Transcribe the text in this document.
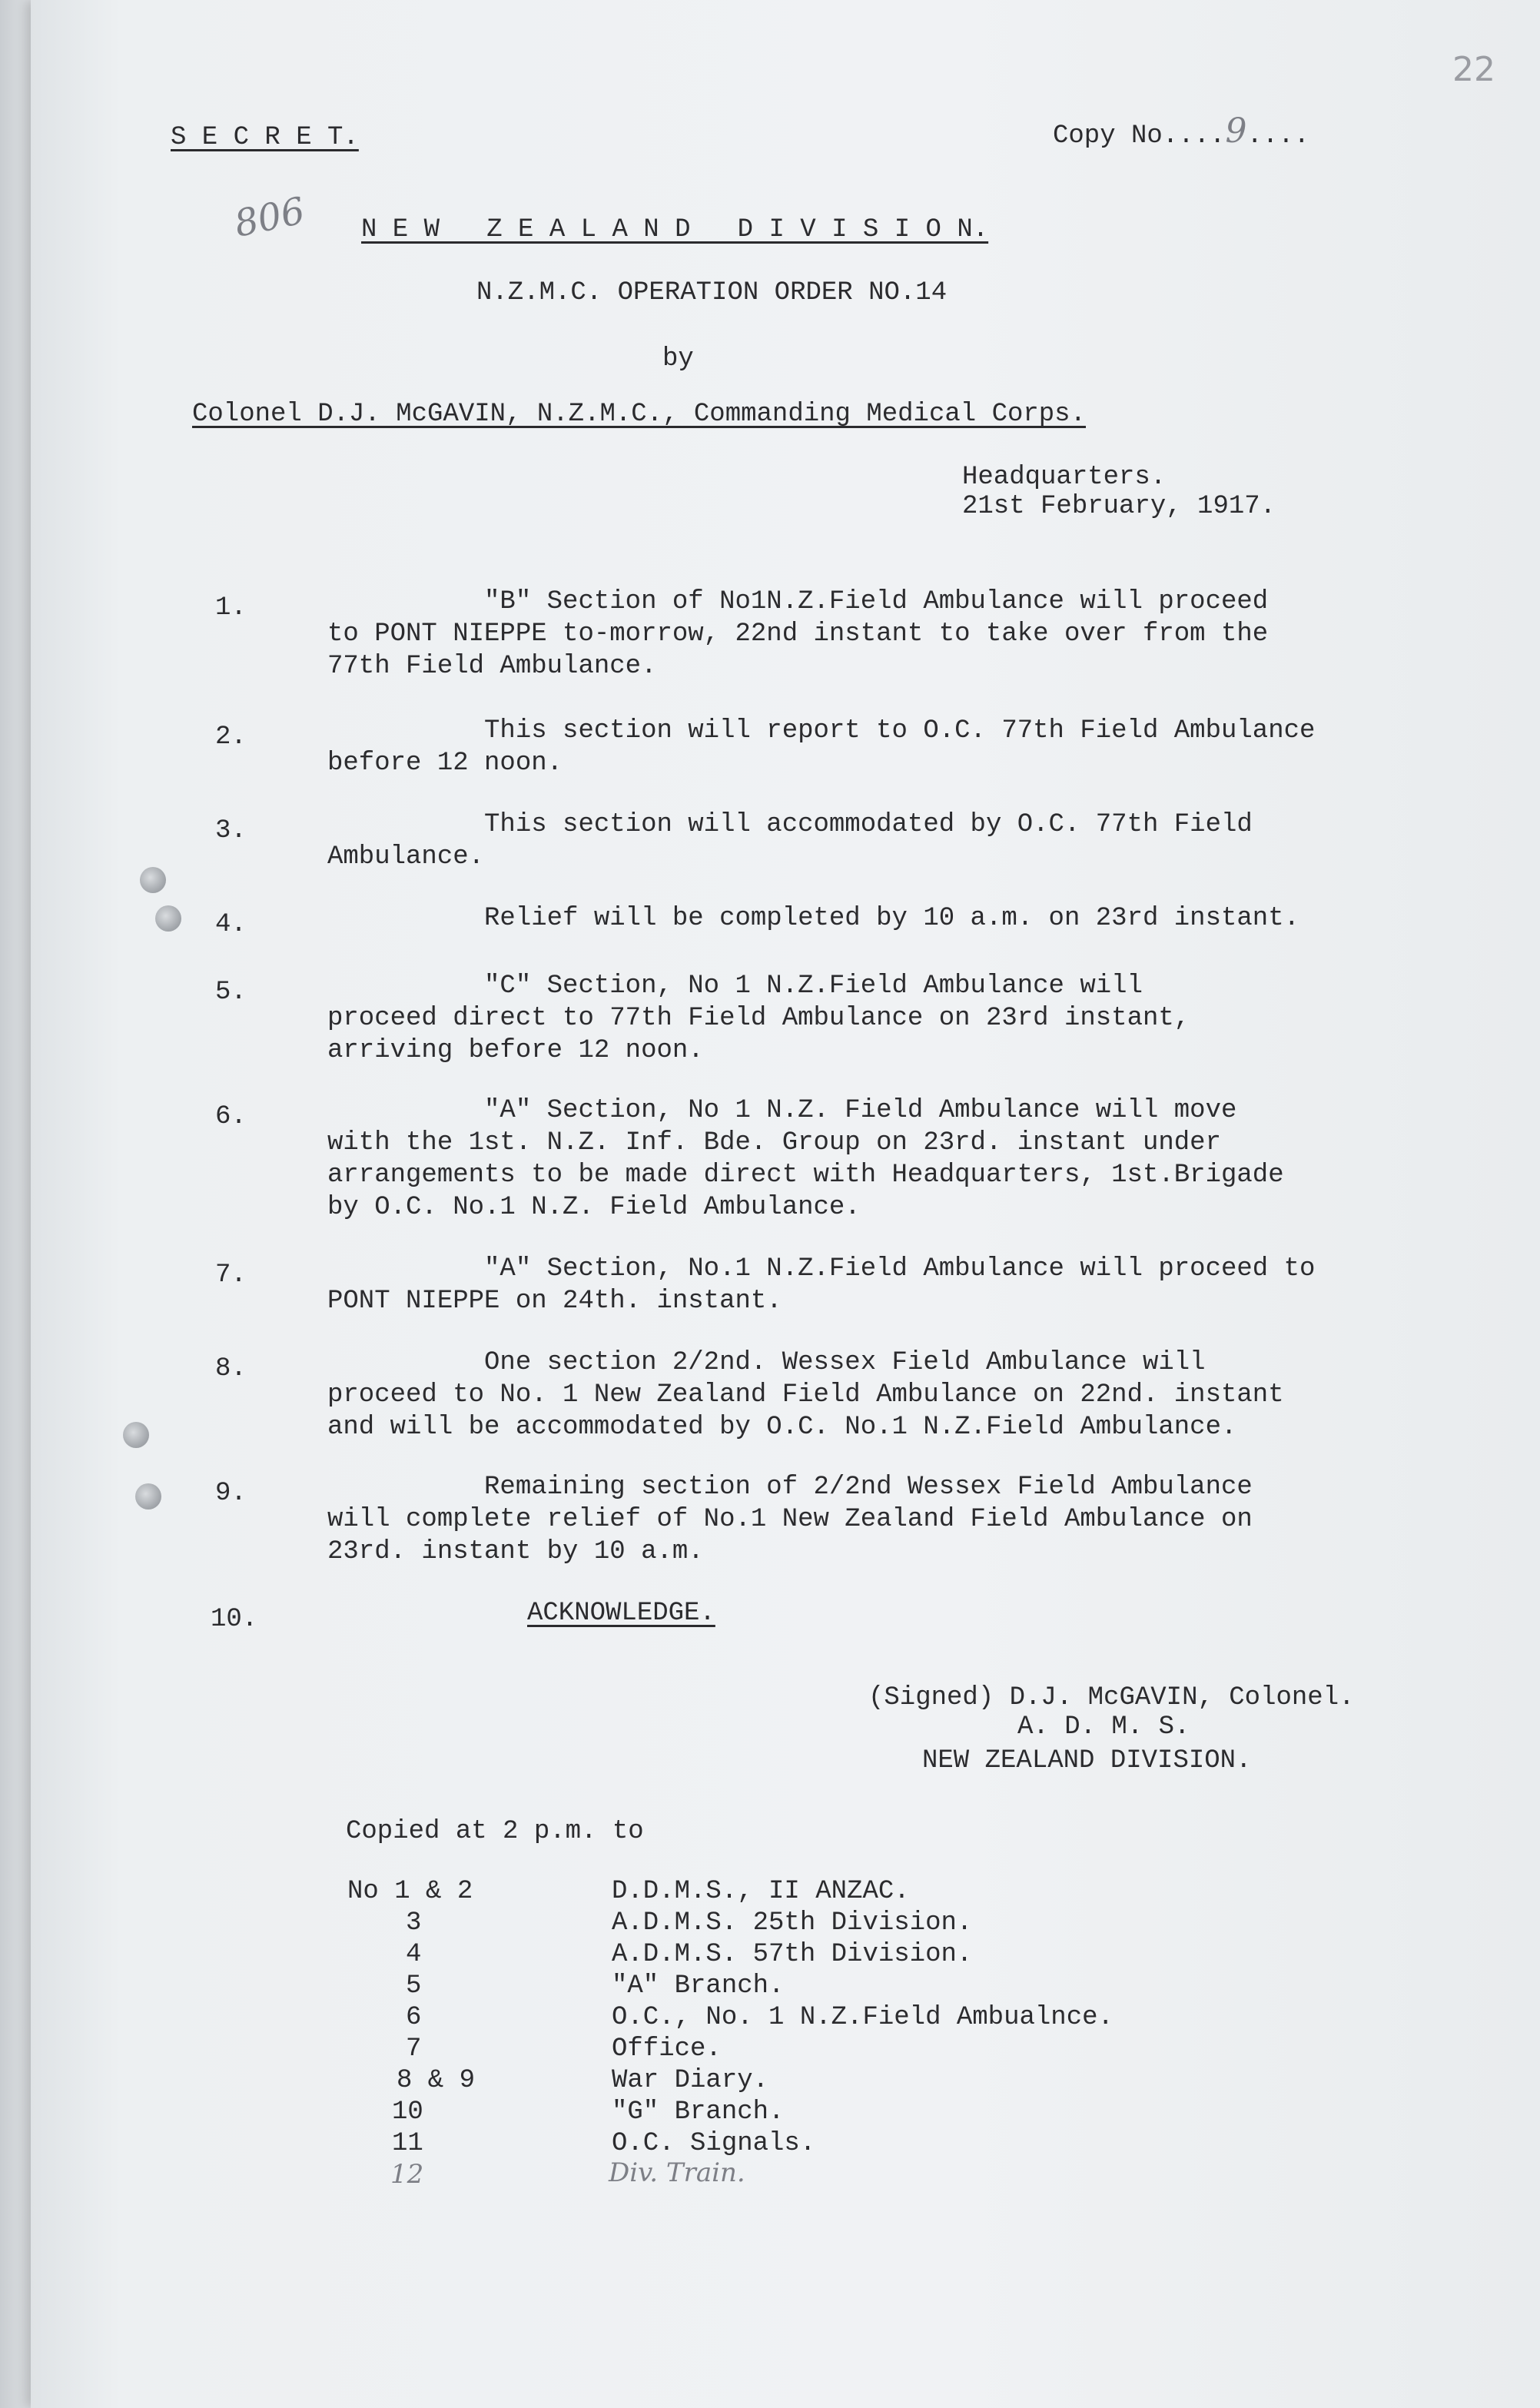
22
806
S E C R E T.	Copy No....9....
N E W   Z E A L A N D   D I V I S I O N.
N.Z.M.C. OPERATION ORDER NO.14
by
Colonel D.J. McGAVIN, N.Z.M.C., Commanding Medical Corps.
Headquarters.
21st February, 1917.
1.	"B" Section of No1N.Z.Field Ambulance will proceed
to PONT NIEPPE to-morrow, 22nd instant to take over from the
77th Field Ambulance.
2.	This section will report to O.C. 77th Field Ambulance
before 12 noon.
3.	This section will accommodated by O.C. 77th Field
Ambulance.
4.	Relief will be completed by 10 a.m. on 23rd instant.
5.	"C" Section, No 1 N.Z.Field Ambulance will
proceed direct to 77th Field Ambulance on 23rd instant,
arriving before 12 noon.
6.	"A" Section, No 1 N.Z. Field Ambulance will move
with the 1st. N.Z. Inf. Bde. Group on 23rd. instant under
arrangements to be made direct with Headquarters, 1st.Brigade
by O.C. No.1 N.Z. Field Ambulance.
7.	"A" Section, No.1 N.Z.Field Ambulance will proceed to
PONT NIEPPE on 24th. instant.
8.	One section 2/2nd. Wessex Field Ambulance will
proceed to No. 1 New Zealand Field Ambulance on 22nd. instant
and will be accommodated by O.C. No.1 N.Z.Field Ambulance.
9.	Remaining section of 2/2nd Wessex Field Ambulance
will complete relief of No.1 New Zealand Field Ambulance on
23rd. instant by 10 a.m.
10.	ACKNOWLEDGE.
(Signed) D.J. McGAVIN, Colonel.
A. D. M. S.
NEW ZEALAND DIVISION.
Copied at 2 p.m. to
No 1 & 2	D.D.M.S., II ANZAC.
3	A.D.M.S. 25th Division.
4	A.D.M.S. 57th Division.
5	"A" Branch.
6	O.C., No. 1 N.Z.Field Ambualnce.
7	Office.
8 & 9	War Diary.
10	"G" Branch.
11	O.C. Signals.
12	Div. Train.
